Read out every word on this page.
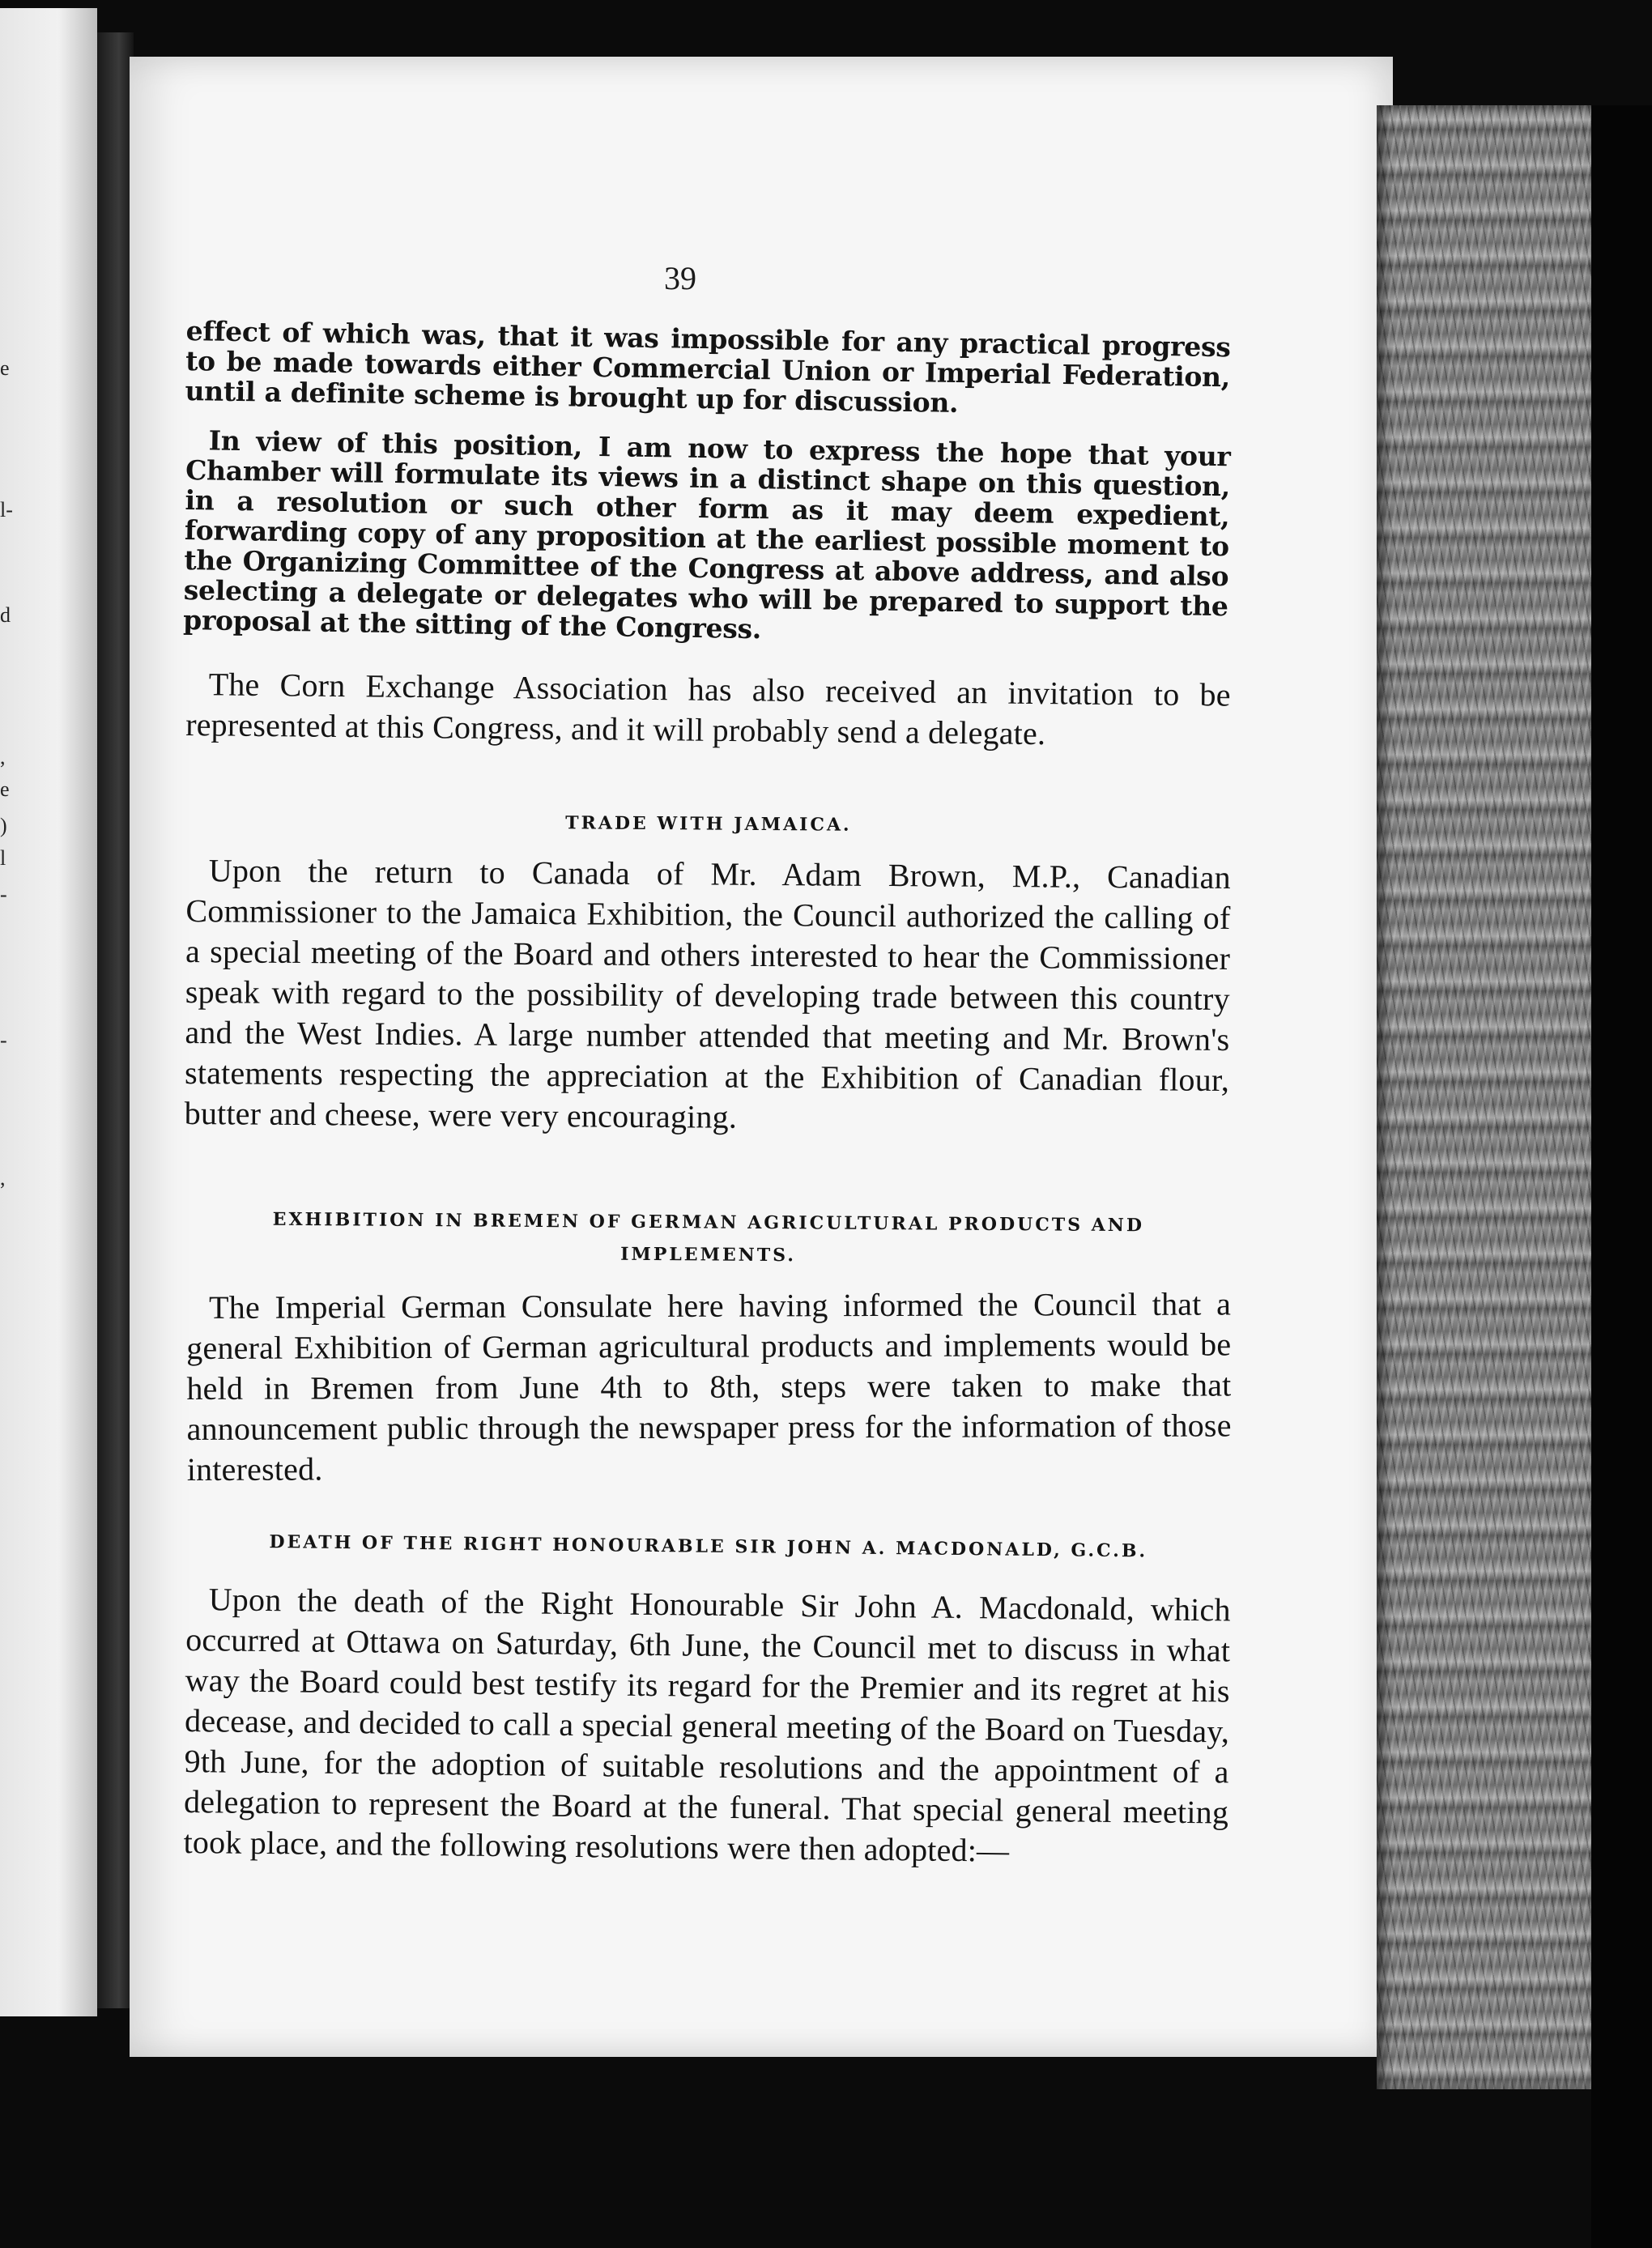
e
l-
d
,
e
)
l
-
-
,
39

effect of which was, that it was impossible for any practical progress to be made towards either Commercial Union or Imperial Federation, until a definite scheme is brought up for discussion.

In view of this position, I am now to express the hope that your Chamber will formulate its views in a distinct shape on this question, in a resolution or such other form as it may deem expedient, forwarding copy of any proposition at the earliest possible moment to the Organizing Committee of the Congress at above address, and also selecting a delegate or delegates who will be prepared to support the proposal at the sitting of the Congress.

The Corn Exchange Association has also received an invitation to be represented at this Congress, and it will probably send a delegate.

TRADE WITH JAMAICA.

Upon the return to Canada of Mr. Adam Brown, M.P., Canadian Commissioner to the Jamaica Exhibition, the Council authorized the calling of a special meeting of the Board and others interested to hear the Commissioner speak with regard to the possibility of developing trade between this country and the West Indies. A large number attended that meeting and Mr. Brown's statements respecting the appreciation at the Exhibition of Canadian flour, butter and cheese, were very encouraging.

EXHIBITION IN BREMEN OF GERMAN AGRICULTURAL PRODUCTS AND IMPLEMENTS.

The Imperial German Consulate here having informed the Council that a general Exhibition of German agricultural products and implements would be held in Bremen from June 4th to 8th, steps were taken to make that announcement public through the newspaper press for the information of those interested.

DEATH OF THE RIGHT HONOURABLE SIR JOHN A. MACDONALD, G.C.B.

Upon the death of the Right Honourable Sir John A. Macdonald, which occurred at Ottawa on Saturday, 6th June, the Council met to discuss in what way the Board could best testify its regard for the Premier and its regret at his decease, and decided to call a special general meeting of the Board on Tuesday, 9th June, for the adoption of suitable resolutions and the appointment of a delegation to represent the Board at the funeral. That special general meeting took place, and the following resolutions were then adopted:—
